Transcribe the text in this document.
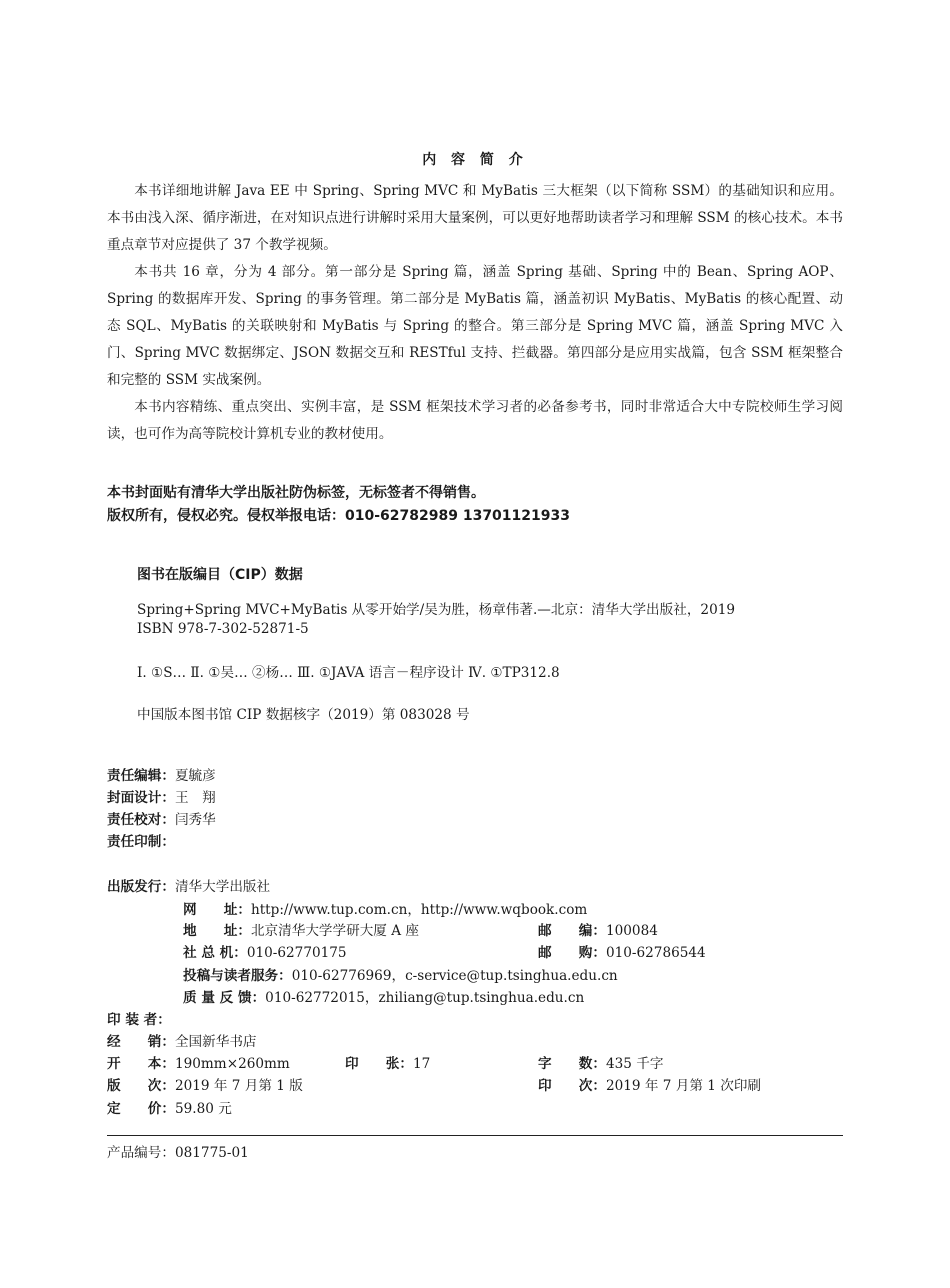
内 容 简 介

本书详细地讲解 Java EE 中 Spring、Spring MVC 和 MyBatis 三大框架（以下简称 SSM）的基础知识和应用。本书由浅入深、循序渐进，在对知识点进行讲解时采用大量案例，可以更好地帮助读者学习和理解 SSM 的核心技术。本书重点章节对应提供了 37 个教学视频。

本书共 16 章，分为 4 部分。第一部分是 Spring 篇，涵盖 Spring 基础、Spring 中的 Bean、Spring AOP、Spring 的数据库开发、Spring 的事务管理。第二部分是 MyBatis 篇，涵盖初识 MyBatis、MyBatis 的核心配置、动态 SQL、MyBatis 的关联映射和 MyBatis 与 Spring 的整合。第三部分是 Spring MVC 篇，涵盖 Spring MVC 入门、Spring MVC 数据绑定、JSON 数据交互和 RESTful 支持、拦截器。第四部分是应用实战篇，包含 SSM 框架整合和完整的 SSM 实战案例。

本书内容精练、重点突出、实例丰富，是 SSM 框架技术学习者的必备参考书，同时非常适合大中专院校师生学习阅读，也可作为高等院校计算机专业的教材使用。

本书封面贴有清华大学出版社防伪标签，无标签者不得销售。
版权所有，侵权必究。侵权举报电话：010-62782989 13701121933
图书在版编目（CIP）数据
Spring+Spring MVC+MyBatis 从零开始学/吴为胜，杨章伟著.—北京：清华大学出版社，2019
ISBN 978-7-302-52871-5
Ⅰ. ①S… Ⅱ. ①吴… ②杨… Ⅲ. ①JAVA 语言－程序设计 Ⅳ. ①TP312.8
中国版本图书馆 CIP 数据核字（2019）第 083028 号
责任编辑：夏毓彦
封面设计：王　翔
责任校对：闫秀华
责任印制：
出版发行：清华大学出版社
网　　址：http://www.tup.com.cn，http://www.wqbook.com
地　　址：北京清华大学学研大厦 A 座	邮　　编：100084
社 总 机：010-62770175	邮　　购：010-62786544
投稿与读者服务：010-62776969，c-service@tup.tsinghua.edu.cn
质 量 反 馈：010-62772015，zhiliang@tup.tsinghua.edu.cn
印 装 者：
经　　销：全国新华书店
开　　本：190mm×260mm	印　　张：17	字　　数：435 千字
版　　次：2019 年 7 月第 1 版	印　　次：2019 年 7 月第 1 次印刷
定　　价：59.80 元
产品编号：081775-01
